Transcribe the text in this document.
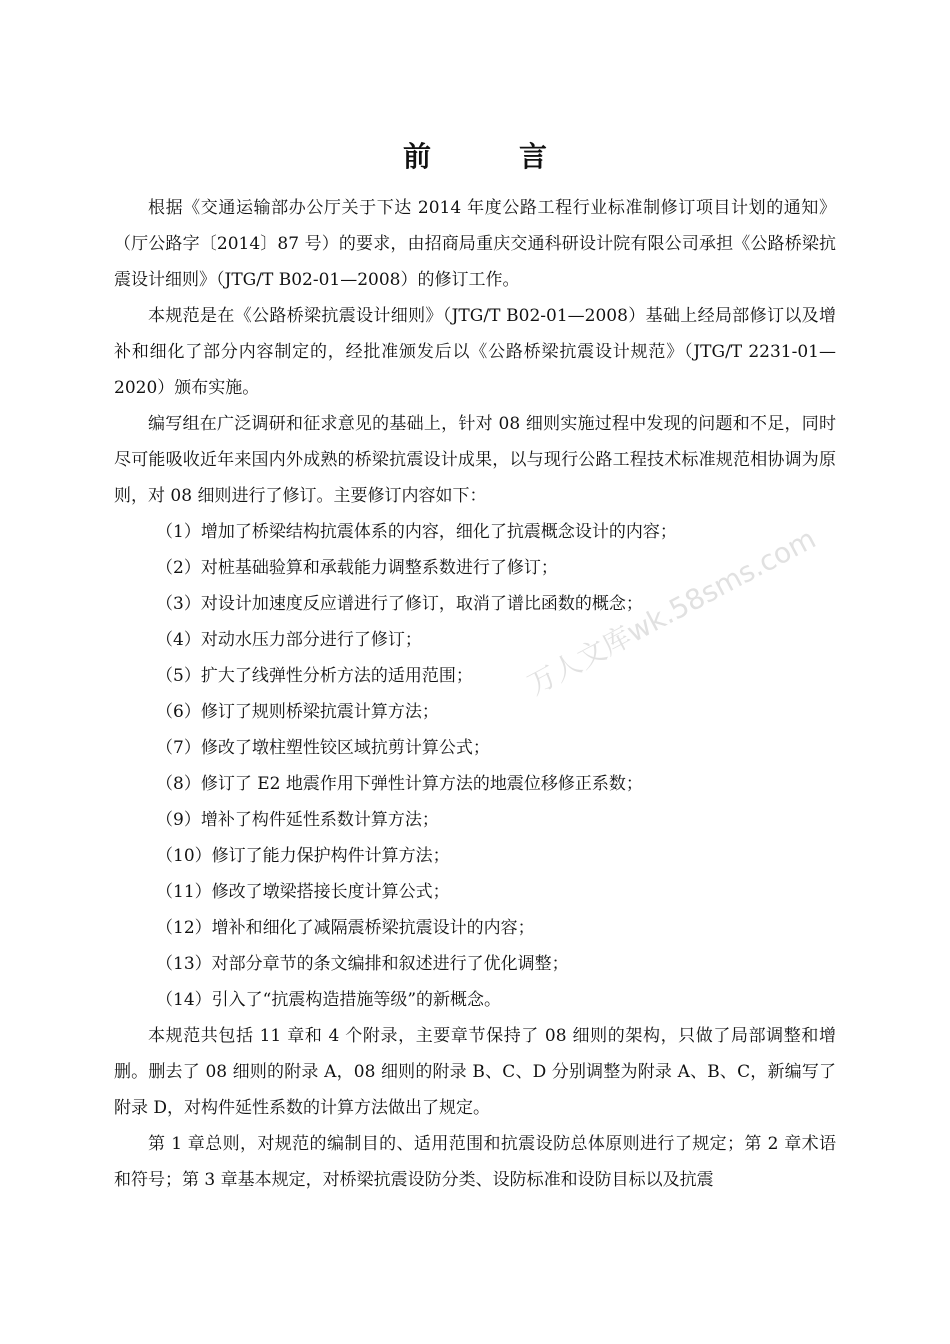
前　言

根据《交通运输部办公厅关于下达 2014 年度公路工程行业标准制修订项目计划的通知》（厅公路字〔2014〕87 号）的要求，由招商局重庆交通科研设计院有限公司承担《公路桥梁抗震设计细则》（JTG/T B02-01—2008）的修订工作。

本规范是在《公路桥梁抗震设计细则》（JTG/T B02-01—2008）基础上经局部修订以及增补和细化了部分内容制定的，经批准颁发后以《公路桥梁抗震设计规范》（JTG/T 2231-01—2020）颁布实施。

编写组在广泛调研和征求意见的基础上，针对 08 细则实施过程中发现的问题和不足，同时尽可能吸收近年来国内外成熟的桥梁抗震设计成果，以与现行公路工程技术标准规范相协调为原则，对 08 细则进行了修订。主要修订内容如下：

（1）增加了桥梁结构抗震体系的内容，细化了抗震概念设计的内容；
（2）对桩基础验算和承载能力调整系数进行了修订；
（3）对设计加速度反应谱进行了修订，取消了谱比函数的概念；
（4）对动水压力部分进行了修订；
（5）扩大了线弹性分析方法的适用范围；
（6）修订了规则桥梁抗震计算方法；
（7）修改了墩柱塑性铰区域抗剪计算公式；
（8）修订了 E2 地震作用下弹性计算方法的地震位移修正系数；
（9）增补了构件延性系数计算方法；
（10）修订了能力保护构件计算方法；
（11）修改了墩梁搭接长度计算公式；
（12）增补和细化了减隔震桥梁抗震设计的内容；
（13）对部分章节的条文编排和叙述进行了优化调整；
（14）引入了“抗震构造措施等级”的新概念。

本规范共包括 11 章和 4 个附录，主要章节保持了 08 细则的架构，只做了局部调整和增删。删去了 08 细则的附录 A，08 细则的附录 B、C、D 分别调整为附录 A、B、C，新编写了附录 D，对构件延性系数的计算方法做出了规定。

第 1 章总则，对规范的编制目的、适用范围和抗震设防总体原则进行了规定；第 2 章术语和符号；第 3 章基本规定，对桥梁抗震设防分类、设防标准和设防目标以及抗震

万人文库wk.58sms.com
